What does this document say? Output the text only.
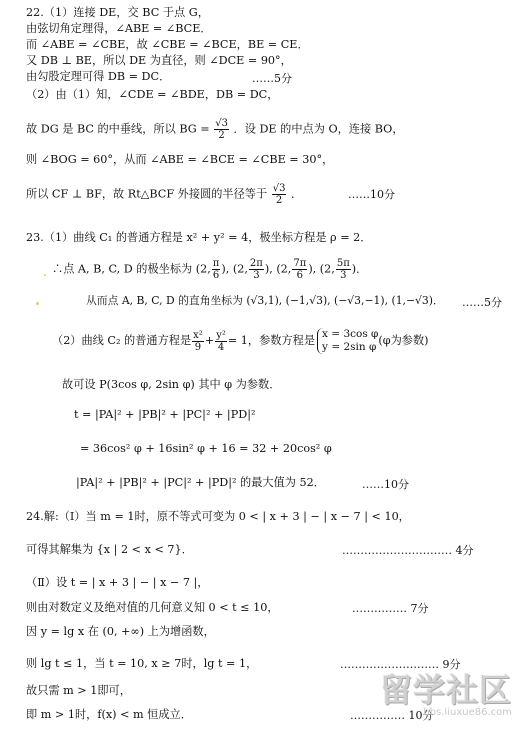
22.（1）连接 DE，交 BC 于点 G，
由弦切角定理得，∠ABE = ∠BCE．
而 ∠ABE = ∠CBE，故 ∠CBE = ∠BCE，BE = CE．
又 DB ⊥ BE，所以 DE 为直径，则 ∠DCE = 90°，
由勾股定理可得 DB = DC．	……5分
（2）由（1）知，∠CDE = ∠BDE，DB = DC，
故 DG 是 BC 的中垂线，所以 BG = $\frac{√3}{2}$ ．设 DE 的中点为 O，连接 BO，
则 ∠BOG = 60°，从而 ∠ABE = ∠BCE = ∠CBE = 30°，
所以 CF ⊥ BF，故 Rt△BCF 外接圆的半径等于 $\frac{√3}{2}$ ．	……10分
23.（1）曲线 C₁ 的普通方程是 x² + y² = 4，极坐标方程是 ρ = 2．
∴点 A, B, C, D 的极坐标为 (2, $\frac{\pi}{6}$ ), (2, $\frac{2\pi}{3}$ ), (2, $\frac{7\pi}{6}$ ), (2, $\frac{5\pi}{3}$ )．
从而点 A, B, C, D 的直角坐标为 (√3,1), (−1,√3), (−√3,−1), (1,−√3)． ……5分
（2）曲线 C₂ 的普通方程是 $\frac{\text{x²}}{9} + \frac{\text{y²}}{4} = 1$，参数方程是 x = 3cos φ
y = 2sin φ (φ为参数)
故可设 P(3cos φ, 2sin φ) 其中 φ 为参数．
t = |PA|² + |PB|² + |PC|² + |PD|²
= 36cos² φ + 16sin² φ + 16 = 32 + 20cos² φ
|PA|² + |PB|² + |PC|² + |PD|² 的最大值为 52．	……10分
24.解:（Ⅰ）当 m = 1时，原不等式可变为 0 < | x + 3 | − | x − 7 | < 10，
可得其解集为 {x | 2 < x < 7}．	………………………… 4分
（Ⅱ）设 t = | x + 3 | − | x − 7 |，
则由对数定义及绝对值的几何意义知 0 < t ≤ 10，	…………… 7分
因 y = lg x 在 (0, +∞) 上为增函数，
则 lg t ≤ 1，当 t = 10, x ≥ 7时，lg t = 1，	……………………… 9分
故只需 m > 1即可，
即 m > 1时，f(x) < m 恒成立．	…………… 10分
留学社区
bbs.liuxue86.com
